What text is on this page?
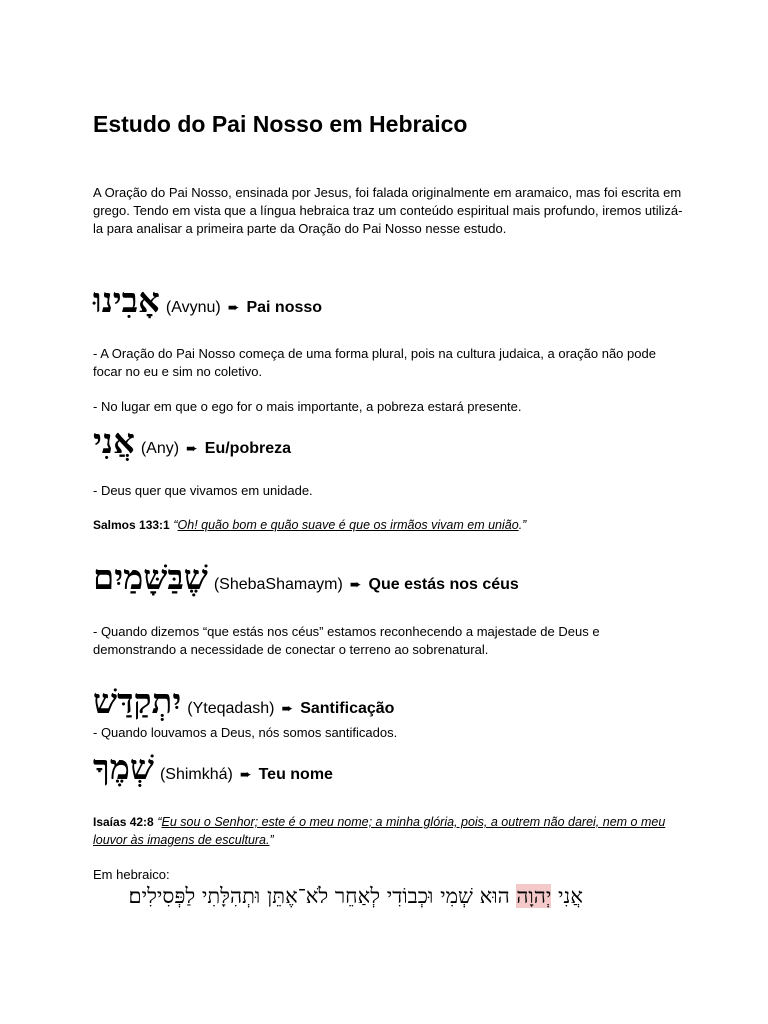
Estudo do Pai Nosso em Hebraico

A Oração do Pai Nosso, ensinada por Jesus, foi falada originalmente em aramaico, mas foi escrita em grego. Tendo em vista que a língua hebraica traz um conteúdo espiritual mais profundo, iremos utilizá-la para analisar a primeira parte da Oração do Pai Nosso nesse estudo.

אָבִינוּ (Avynu) ➨ Pai nosso

- A Oração do Pai Nosso começa de uma forma plural, pois na cultura judaica, a oração não pode focar no eu e sim no coletivo.

- No lugar em que o ego for o mais importante, a pobreza estará presente.

אֲנִי (Any) ➨ Eu/pobreza

- Deus quer que vivamos em unidade.

Salmos 133:1 “Oh! quão bom e quão suave é que os irmãos vivam em união.”

שֶׁבַּשָּׁמַיִם (ShebaShamaym) ➨ Que estás nos céus

- Quando dizemos “que estás nos céus” estamos reconhecendo a majestade de Deus e demonstrando a necessidade de conectar o terreno ao sobrenatural.

יִתְקַדַּשׁ (Yteqadash) ➨ Santificação

- Quando louvamos a Deus, nós somos santificados.

שְׁמֶךָ (Shimkhá) ➨ Teu nome

Isaías 42:8 “Eu sou o Senhor; este é o meu nome; a minha glória, pois, a outrem não darei, nem o meu louvor às imagens de escultura.”

Em hebraico:

אֲנִי יְהוָה הוּא שְׁמִי וּכְבוֹדִי לְאַחֵר לֹא־אֶתֵּן וּתְהִלָּתִי לַפְּסִילִים׃
